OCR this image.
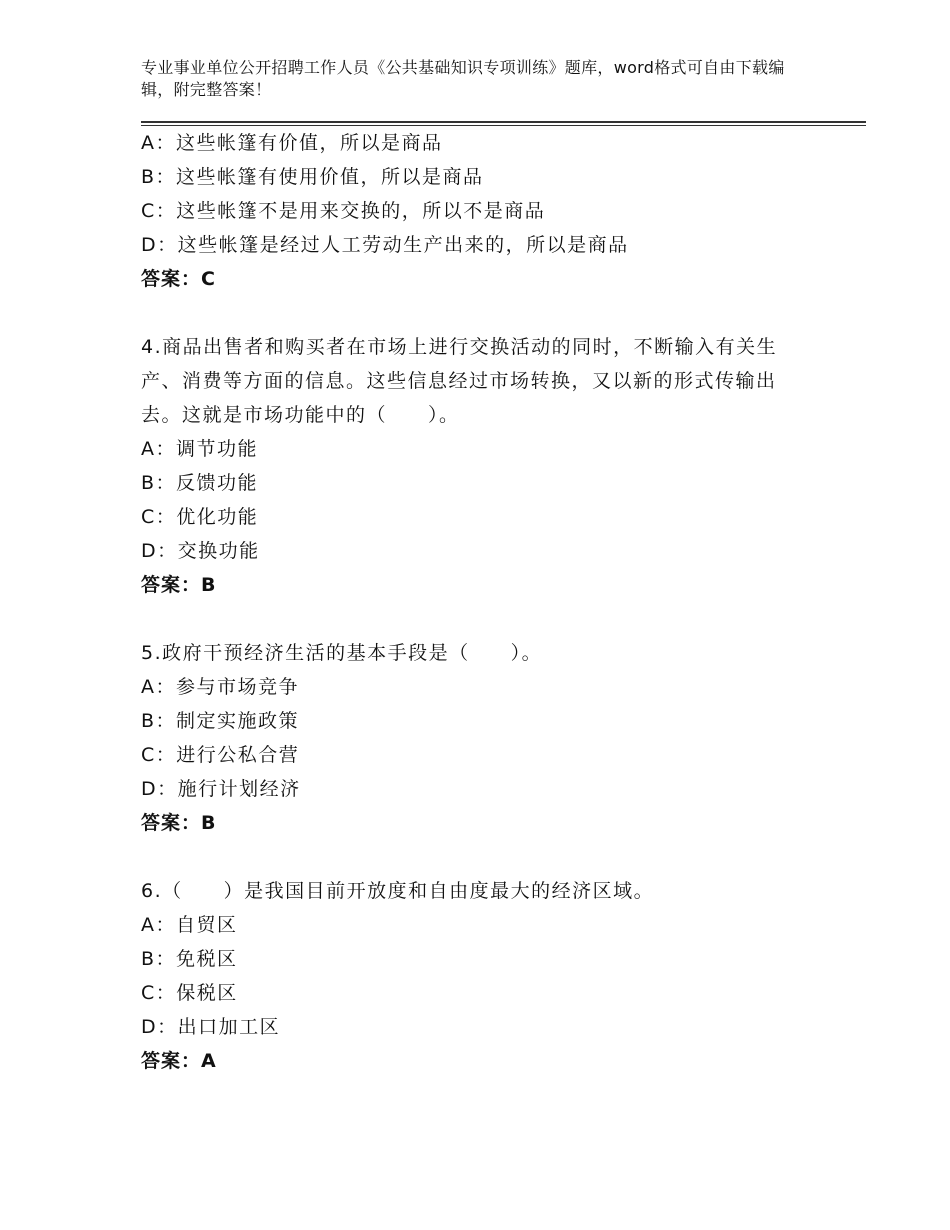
专业事业单位公开招聘工作人员《公共基础知识专项训练》题库，word格式可自由下载编辑，附完整答案！
A：这些帐篷有价值，所以是商品
B：这些帐篷有使用价值，所以是商品
C：这些帐篷不是用来交换的，所以不是商品
D：这些帐篷是经过人工劳动生产出来的，所以是商品
答案：C
4.商品出售者和购买者在市场上进行交换活动的同时，不断输入有关生产、消费等方面的信息。这些信息经过市场转换，又以新的形式传输出去。这就是市场功能中的（　　）。
A：调节功能
B：反馈功能
C：优化功能
D：交换功能
答案：B
5.政府干预经济生活的基本手段是（　　）。
A：参与市场竞争
B：制定实施政策
C：进行公私合营
D：施行计划经济
答案：B
6.（　　）是我国目前开放度和自由度最大的经济区域。
A：自贸区
B：免税区
C：保税区
D：出口加工区
答案：A
